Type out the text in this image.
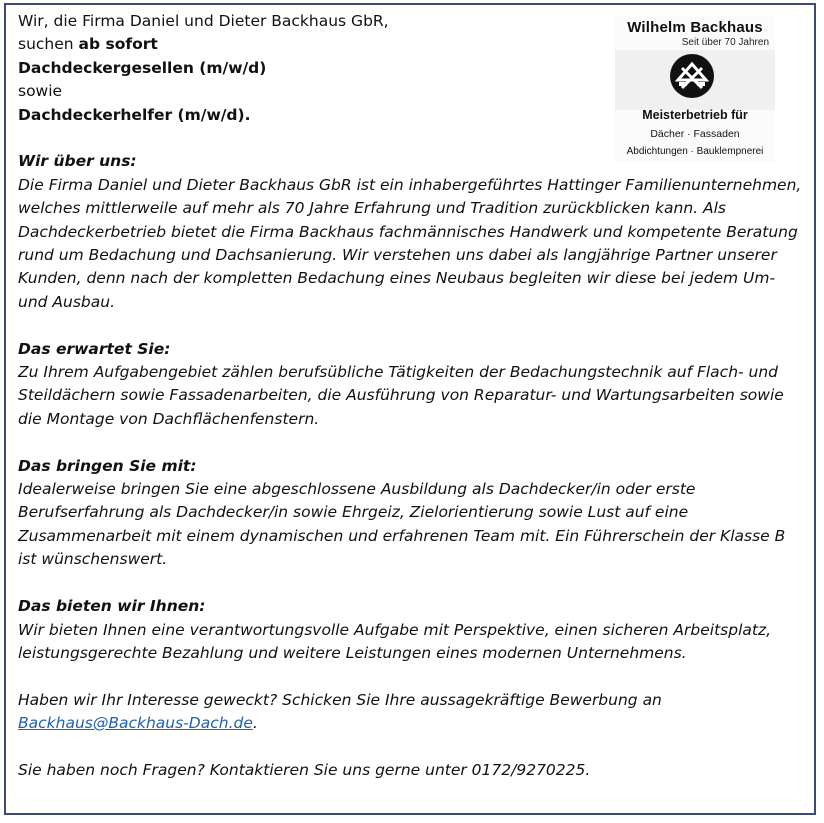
Wilhelm Backhaus
Seit über 70 Jahren
Meisterbetrieb für
Dächer · Fassaden
Abdichtungen · Bauklempnerei
Wir, die Firma Daniel und Dieter Backhaus GbR,
suchen ab sofort
Dachdeckergesellen (m/w/d)
sowie
Dachdeckerhelfer (m/w/d).
Wir über uns:
Die Firma Daniel und Dieter Backhaus GbR ist ein inhabergeführtes Hattinger Familienunternehmen,
welches mittlerweile auf mehr als 70 Jahre Erfahrung und Tradition zurückblicken kann. Als
Dachdeckerbetrieb bietet die Firma Backhaus fachmännisches Handwerk und kompetente Beratung
rund um Bedachung und Dachsanierung. Wir verstehen uns dabei als langjährige Partner unserer
Kunden, denn nach der kompletten Bedachung eines Neubaus begleiten wir diese bei jedem Um-
und Ausbau.
Das erwartet Sie:
Zu Ihrem Aufgabengebiet zählen berufsübliche Tätigkeiten der Bedachungstechnik auf Flach- und
Steildächern sowie Fassadenarbeiten, die Ausführung von Reparatur- und Wartungsarbeiten sowie
die Montage von Dachflächenfenstern.
Das bringen Sie mit:
Idealerweise bringen Sie eine abgeschlossene Ausbildung als Dachdecker/in oder erste
Berufserfahrung als Dachdecker/in sowie Ehrgeiz, Zielorientierung sowie Lust auf eine
Zusammenarbeit mit einem dynamischen und erfahrenen Team mit. Ein Führerschein der Klasse B
ist wünschenswert.
Das bieten wir Ihnen:
Wir bieten Ihnen eine verantwortungsvolle Aufgabe mit Perspektive, einen sicheren Arbeitsplatz,
leistungsgerechte Bezahlung und weitere Leistungen eines modernen Unternehmens.
Haben wir Ihr Interesse geweckt? Schicken Sie Ihre aussagekräftige Bewerbung an
Backhaus@Backhaus-Dach.de.
Sie haben noch Fragen? Kontaktieren Sie uns gerne unter 0172/9270225.
